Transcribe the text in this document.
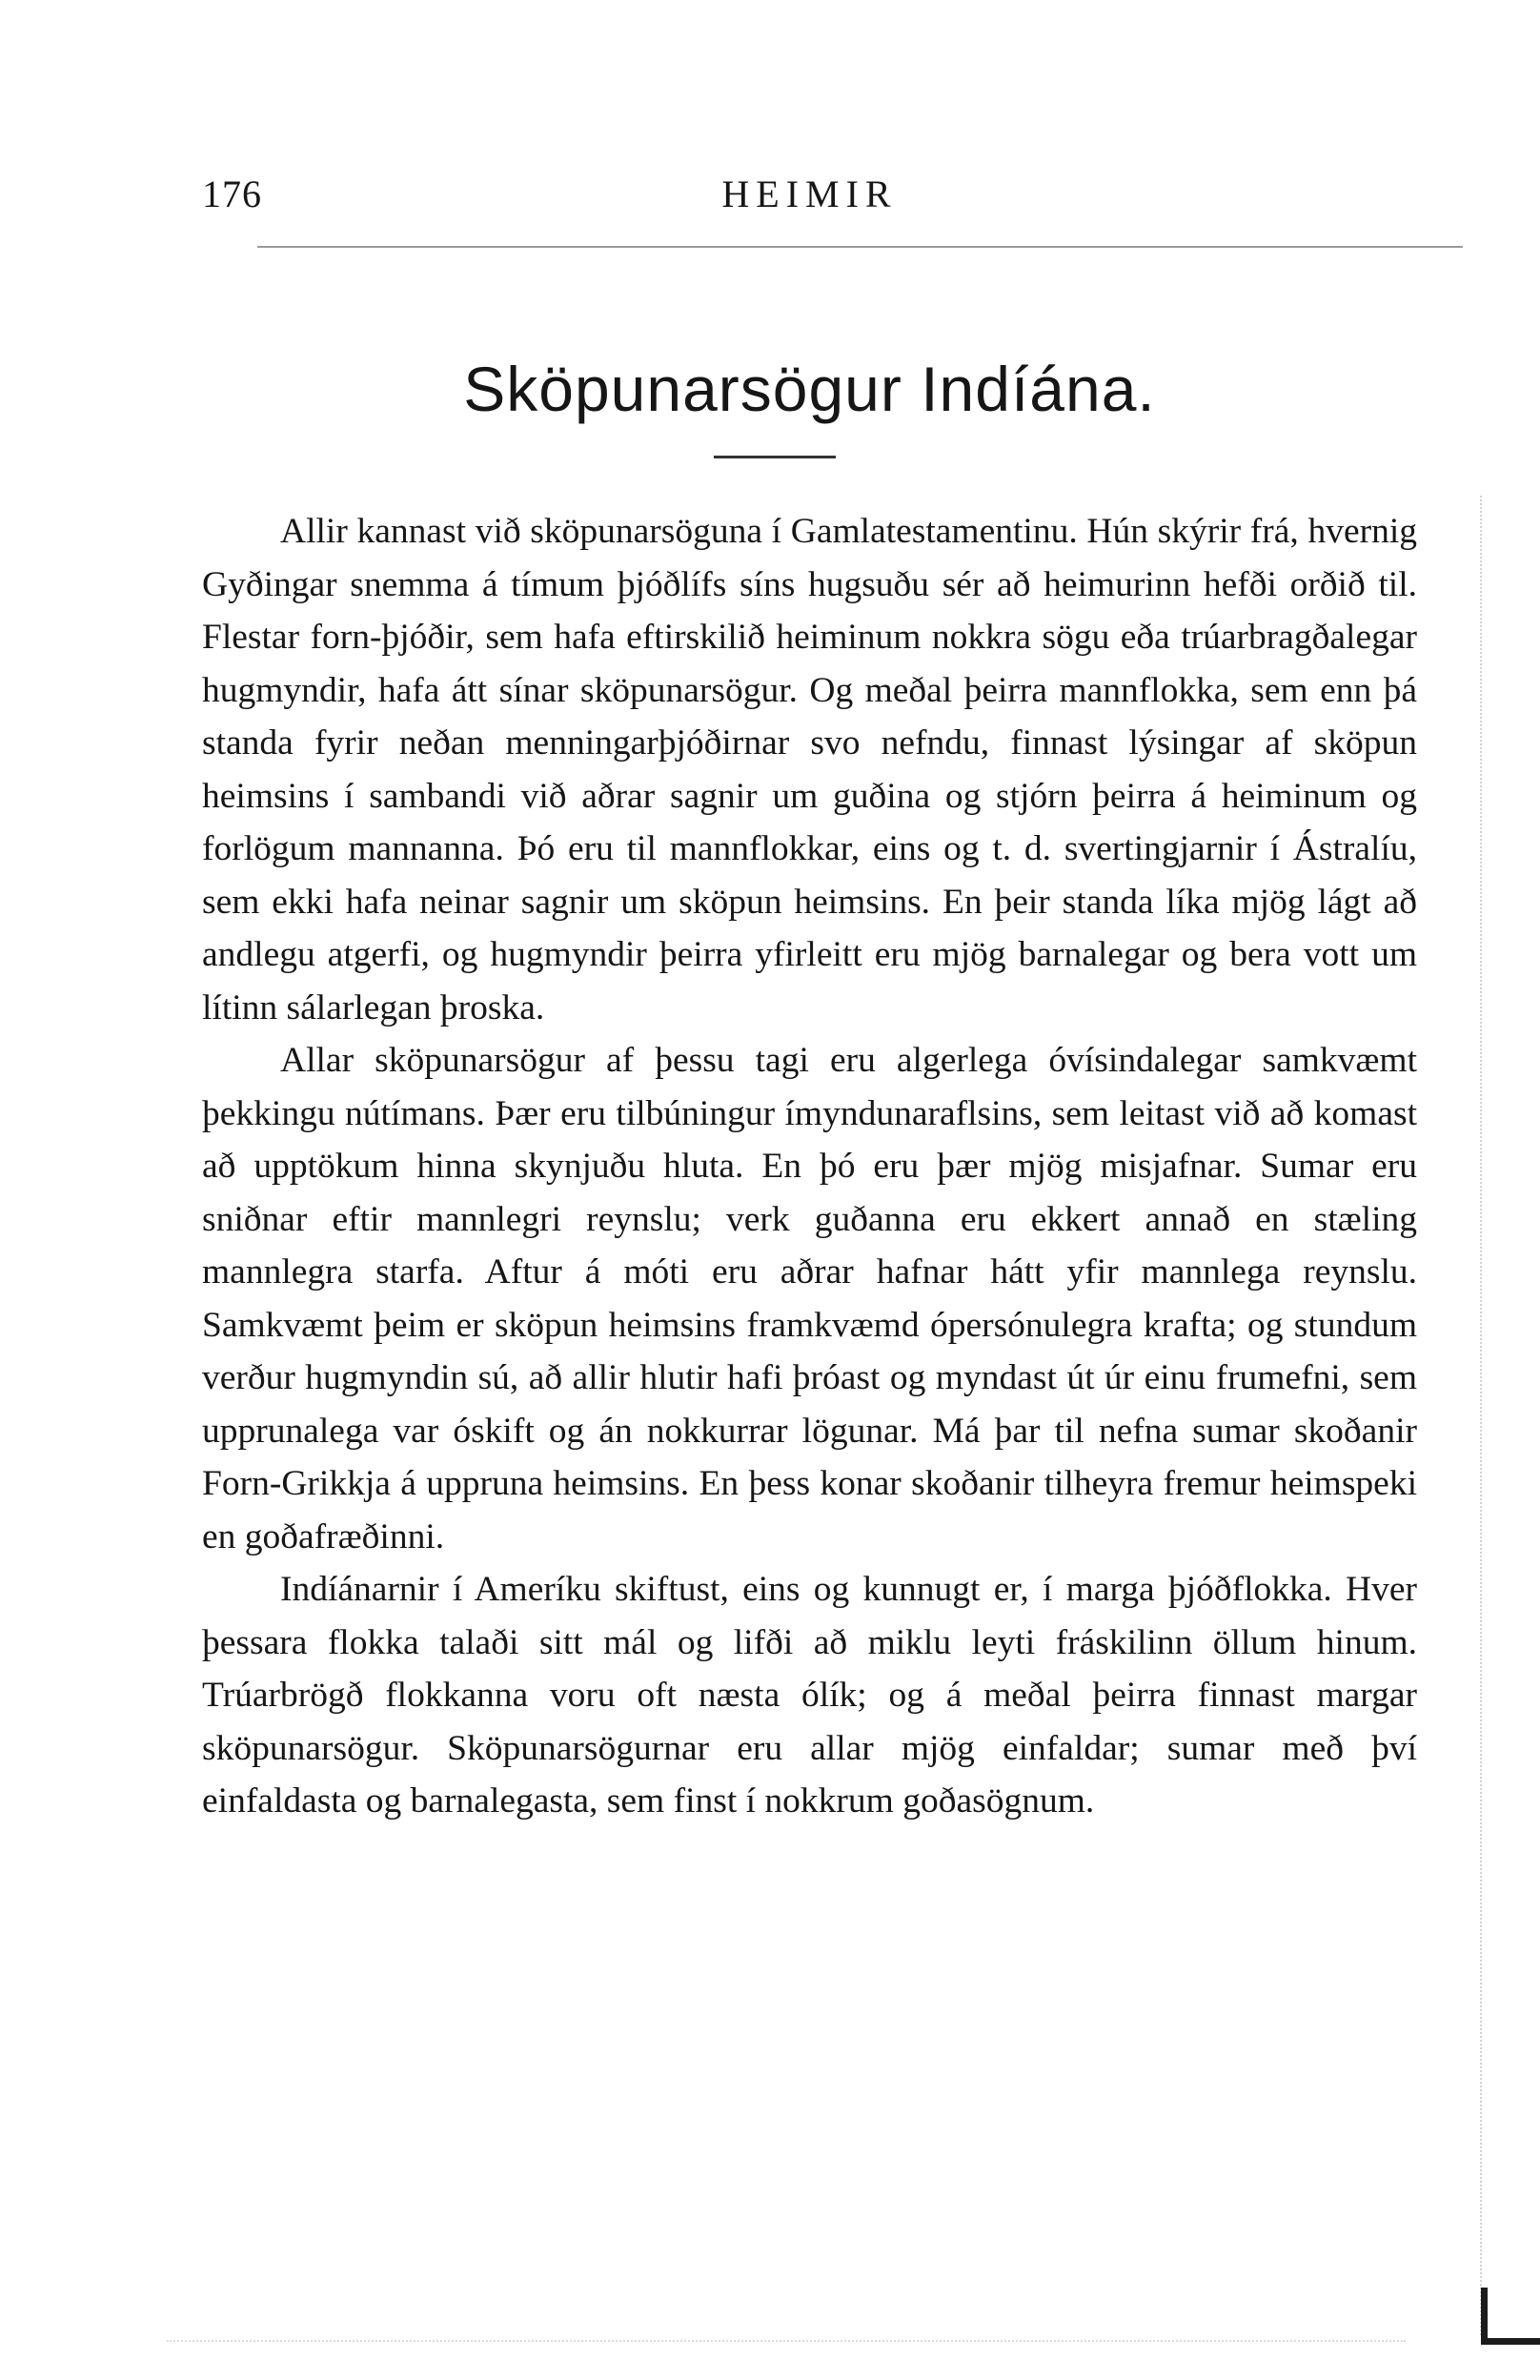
176	HEIMIR
Sköpunarsögur Indíána.

Allir kannast við sköpunarsöguna í Gamlatestamentinu. Hún skýrir frá, hvernig Gyðingar snemma á tímum þjóðlífs síns hugsuðu sér að heimurinn hefði orðið til. Flestar forn-þjóðir, sem hafa eftirskilið heiminum nokkra sögu eða trúarbragðalegar hugmyndir, hafa átt sínar sköpunarsögur. Og meðal þeirra mannflokka, sem enn þá standa fyrir neðan menningarþjóðirnar svo nefndu, finnast lýsingar af sköpun heimsins í sambandi við aðrar sagnir um guðina og stjórn þeirra á heiminum og forlögum mannanna. Þó eru til mannflokkar, eins og t. d. svertingjarnir í Ástralíu, sem ekki hafa neinar sagnir um sköpun heimsins. En þeir standa líka mjög lágt að andlegu atgerfi, og hugmyndir þeirra yfirleitt eru mjög barnalegar og bera vott um lítinn sálarlegan þroska.

Allar sköpunarsögur af þessu tagi eru algerlega óvísindalegar samkvæmt þekkingu nútímans. Þær eru tilbúningur ímyndunaraflsins, sem leitast við að komast að upptökum hinna skynjuðu hluta. En þó eru þær mjög misjafnar. Sumar eru sniðnar eftir mannlegri reynslu; verk guðanna eru ekkert annað en stæling mannlegra starfa. Aftur á móti eru aðrar hafnar hátt yfir mannlega reynslu. Samkvæmt þeim er sköpun heimsins framkvæmd ópersónulegra krafta; og stundum verður hugmyndin sú, að allir hlutir hafi þróast og myndast út úr einu frumefni, sem upprunalega var óskift og án nokkurrar lögunar. Má þar til nefna sumar skoðanir Forn-Grikkja á uppruna heimsins. En þess konar skoðanir tilheyra fremur heimspeki en goðafræðinni.

Indíánarnir í Ameríku skiftust, eins og kunnugt er, í marga þjóðflokka. Hver þessara flokka talaði sitt mál og lifði að miklu leyti fráskilinn öllum hinum. Trúarbrögð flokkanna voru oft næsta ólík; og á meðal þeirra finnast margar sköpunarsögur. Sköpunarsögurnar eru allar mjög einfaldar; sumar með því einfaldasta og barnalegasta, sem finst í nokkrum goðasögnum.
